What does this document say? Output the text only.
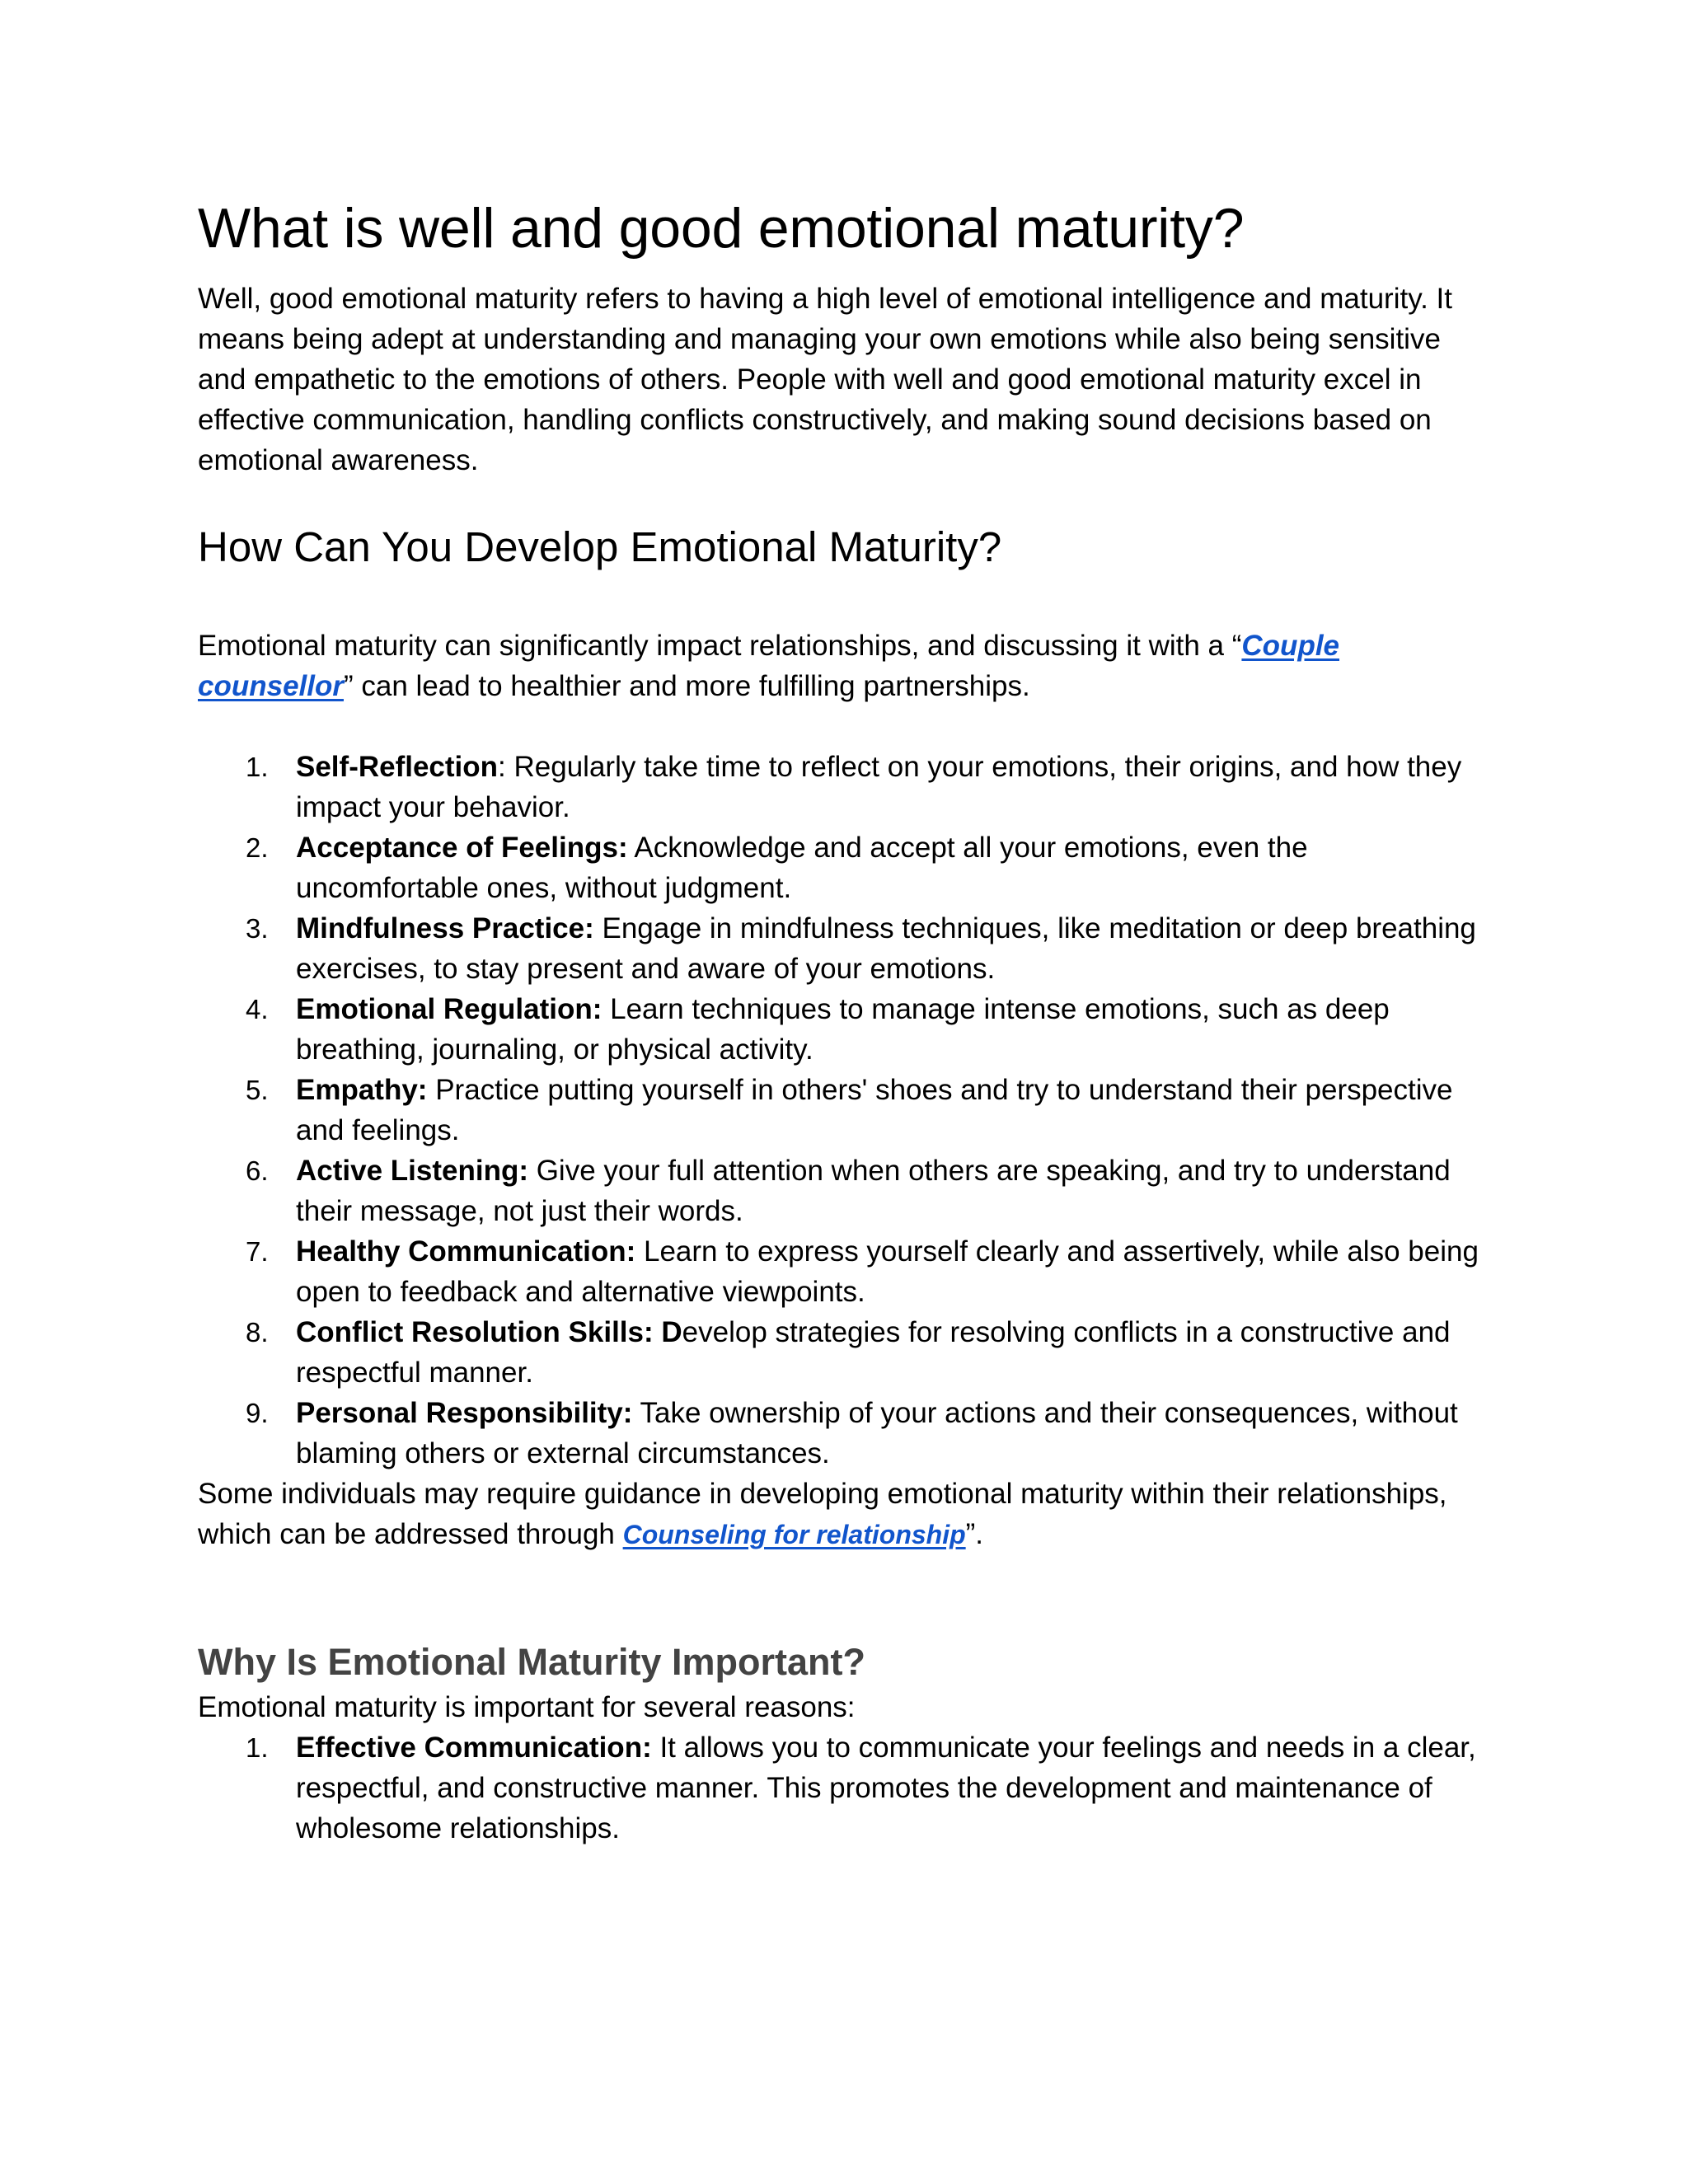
What is well and good emotional maturity?

Well, good emotional maturity refers to having a high level of emotional intelligence and maturity. It means being adept at understanding and managing your own emotions while also being sensitive and empathetic to the emotions of others. People with well and good emotional maturity excel in effective communication, handling conflicts constructively, and making sound decisions based on emotional awareness.

How Can You Develop Emotional Maturity?

Emotional maturity can significantly impact relationships, and discussing it with a “Couple counsellor” can lead to healthier and more fulfilling partnerships.

1. Self-Reflection: Regularly take time to reflect on your emotions, their origins, and how they impact your behavior.
2. Acceptance of Feelings: Acknowledge and accept all your emotions, even the uncomfortable ones, without judgment.
3. Mindfulness Practice: Engage in mindfulness techniques, like meditation or deep breathing exercises, to stay present and aware of your emotions.
4. Emotional Regulation: Learn techniques to manage intense emotions, such as deep breathing, journaling, or physical activity.
5. Empathy: Practice putting yourself in others' shoes and try to understand their perspective and feelings.
6. Active Listening: Give your full attention when others are speaking, and try to understand their message, not just their words.
7. Healthy Communication: Learn to express yourself clearly and assertively, while also being open to feedback and alternative viewpoints.
8. Conflict Resolution Skills: Develop strategies for resolving conflicts in a constructive and respectful manner.
9. Personal Responsibility: Take ownership of your actions and their consequences, without blaming others or external circumstances.

Some individuals may require guidance in developing emotional maturity within their relationships, which can be addressed through Counseling for relationship”.

Why Is Emotional Maturity Important?

Emotional maturity is important for several reasons:

1. Effective Communication: It allows you to communicate your feelings and needs in a clear, respectful, and constructive manner. This promotes the development and maintenance of wholesome relationships.
